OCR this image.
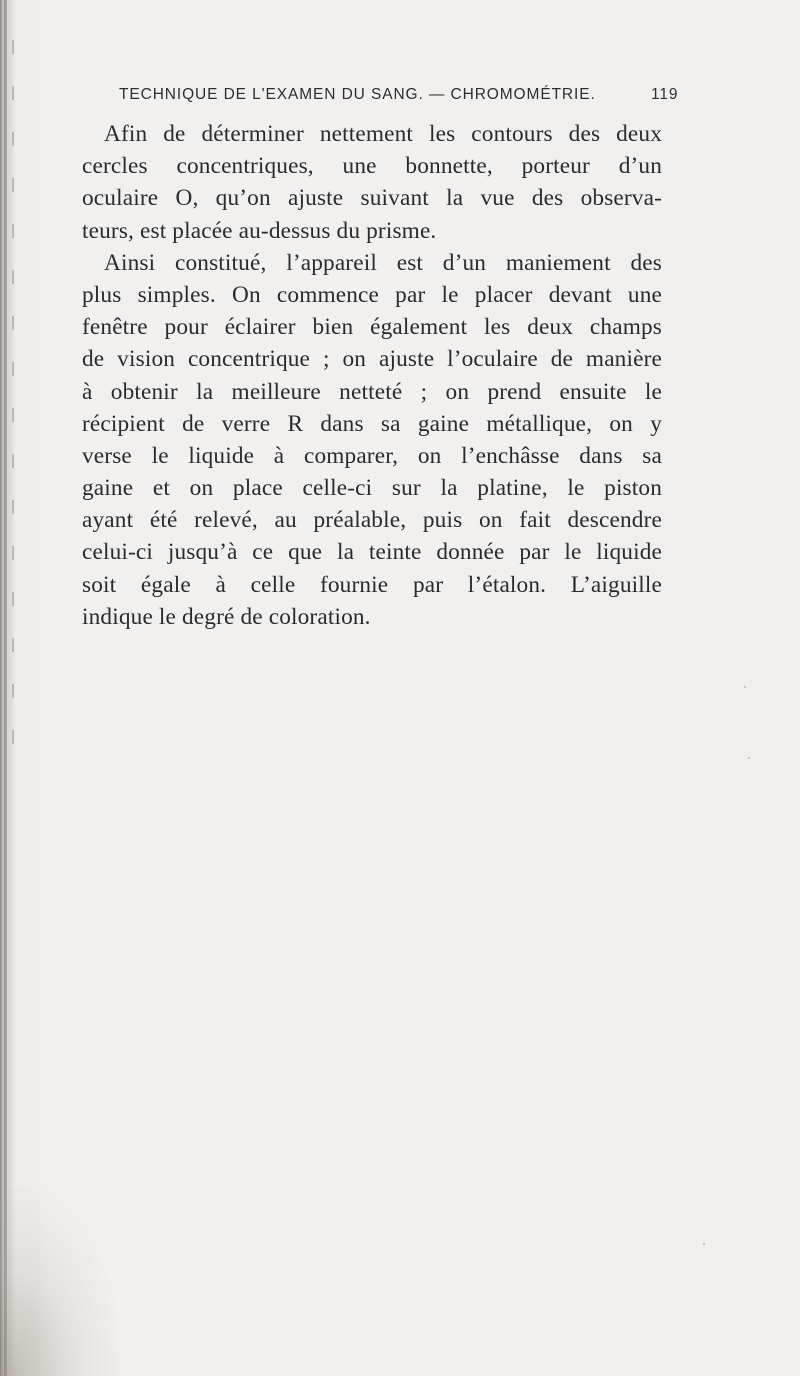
TECHNIQUE DE L'EXAMEN DU SANG. — CHROMOMÉTRIE.	119
Afin de déterminer nettement les contours des deux
cercles concentriques, une bonnette, porteur d’un
oculaire O, qu’on ajuste suivant la vue des observa-
teurs, est placée au-dessus du prisme.
Ainsi constitué, l’appareil est d’un maniement des
plus simples. On commence par le placer devant une
fenêtre pour éclairer bien également les deux champs
de vision concentrique ; on ajuste l’oculaire de manière
à obtenir la meilleure netteté ; on prend ensuite le
récipient de verre R dans sa gaine métallique, on y
verse le liquide à comparer, on l’enchâsse dans sa
gaine et on place celle-ci sur la platine, le piston
ayant été relevé, au préalable, puis on fait descendre
celui-ci jusqu’à ce que la teinte donnée par le liquide
soit égale à celle fournie par l’étalon. L’aiguille
indique le degré de coloration.
